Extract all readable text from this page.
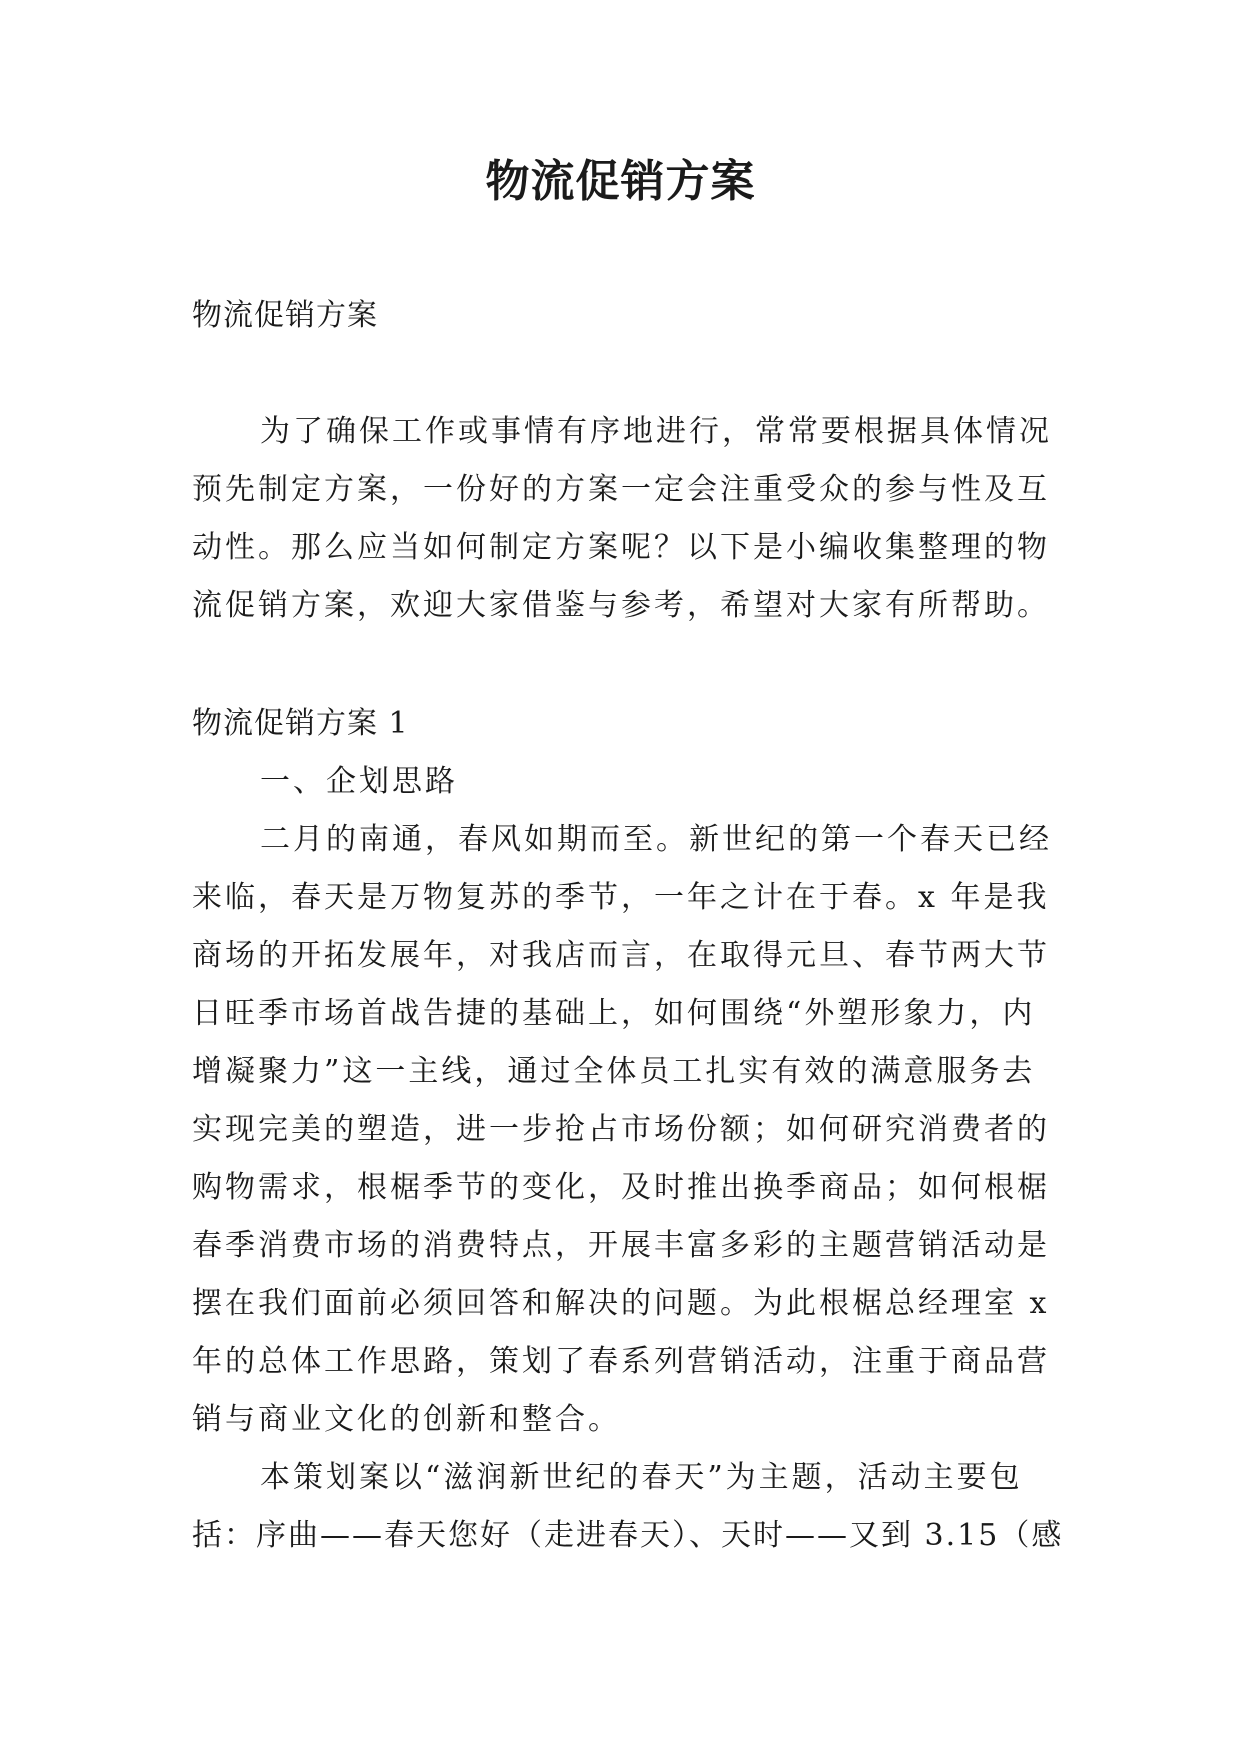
物流促销方案

物流促销方案

为了确保工作或事情有序地进行，常常要根据具体情况
预先制定方案，一份好的方案一定会注重受众的参与性及互
动性。那么应当如何制定方案呢？以下是小编收集整理的物
流促销方案，欢迎大家借鉴与参考，希望对大家有所帮助。

物流促销方案 1

一、企划思路
二月的南通，春风如期而至。新世纪的第一个春天已经
来临，春天是万物复苏的季节，一年之计在于春。x 年是我
商场的开拓发展年，对我店而言，在取得元旦、春节两大节
日旺季市场首战告捷的基础上，如何围绕“外塑形象力，内
增凝聚力”这一主线，通过全体员工扎实有效的满意服务去
实现完美的塑造，进一步抢占市场份额；如何研究消费者的
购物需求，根椐季节的变化，及时推出换季商品；如何根椐
春季消费市场的消费特点，开展丰富多彩的主题营销活动是
摆在我们面前必须回答和解决的问题。为此根椐总经理室 x
年的总体工作思路，策划了春系列营销活动，注重于商品营
销与商业文化的创新和整合。
本策划案以“滋润新世纪的春天”为主题，活动主要包
括：序曲——春天您好（走进春天）、天时——又到 3.15（感
